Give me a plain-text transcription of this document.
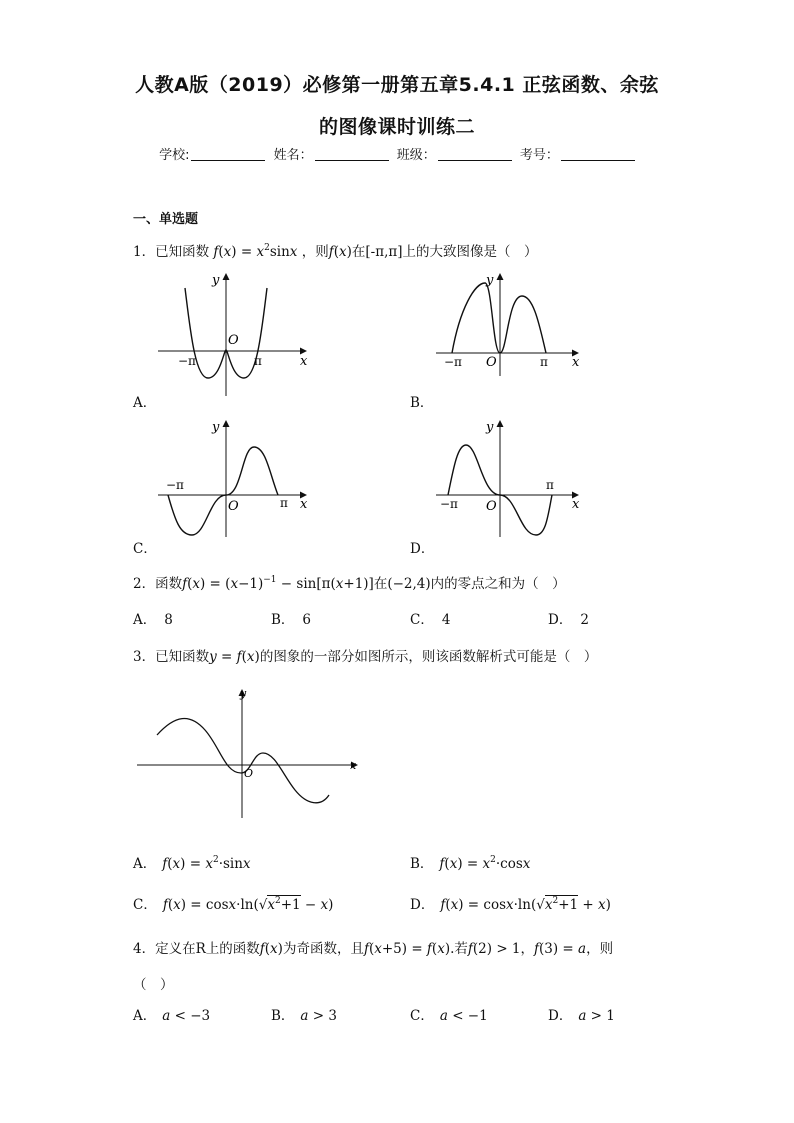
人教A版（2019）必修第一册第五章5.4.1 正弦函数、余弦
的图像课时训练二
学校:	姓名：	班级：	考号：
一、单选题
1．已知函数 $f(x) = x^2\sin x$ ，则f(x)在[-π,π]上的大致图像是（　）
x
y
O
−π	π
A．
x
y
O
−π	π
B．
x
y
O
−π
π
C．
x
y
O
−π
π
D．
2．函数$f(x) = (x-1)^{-1} - \sin[\pi(x+1)]$在(−2,4)内的零点之和为（　）
A． 8	B． 6	C． 4	D． 2
3．已知函数y = f(x)的图象的一部分如图所示，则该函数解析式可能是（　）
x
y
O
A． $f(x) = x^2\cdot\sin x$	B． $f(x) = x^2\cdot\cos x$
C． $f(x) = \cos x\cdot\ln(√x^2+1 - x)$	D． $f(x) = \cos x\cdot\ln(√x^2+1 + x)$
4．定义在R上的函数f(x)为奇函数，且f(x+5) = f(x).若f(2) > 1，f(3) = a，则
（　）
A． a < −3	B． a > 3	C． a < −1	D． a > 1
